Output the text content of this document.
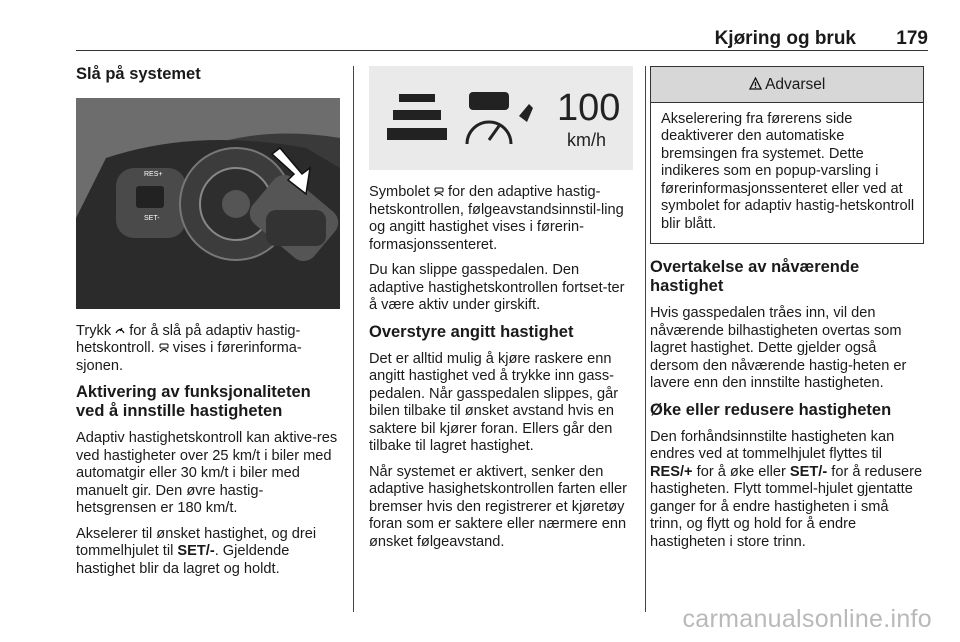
Kjøring og bruk 179
Slå på systemet
RES+
SET-

Trykk  for å slå på adaptiv hastig-hetskontroll.  vises i førerinforma-sjonen.

Aktivering av funksjonaliteten ved å innstille hastigheten

Adaptiv hastighetskontroll kan aktive-res ved hastigheter over 25 km/t i biler med automatgir eller 30 km/t i biler med manuelt gir. Den øvre hastig-hetsgrensen er 180 km/t.

Akselerer til ønsket hastighet, og drei tommelhjulet til SET/-. Gjeldende hastighet blir da lagret og holdt.

100
km/h

Symbolet  for den adaptive hastig-hetskontrollen, følgeavstandsinnstil-ling og angitt hastighet vises i førerin-formasjonssenteret.

Du kan slippe gasspedalen. Den adaptive hastighetskontrollen fortset-ter å være aktiv under girskift.

Overstyre angitt hastighet

Det er alltid mulig å kjøre raskere enn angitt hastighet ved å trykke inn gass-pedalen. Når gasspedalen slippes, går bilen tilbake til ønsket avstand hvis en saktere bil kjører foran. Ellers går den tilbake til lagret hastighet.

Når systemet er aktivert, senker den adaptive hasighetskontrollen farten eller bremser hvis den registrerer et kjøretøy foran som er saktere eller nærmere enn ønsket følgeavstand.

Advarsel
Akselerering fra førerens side deaktiverer den automatiske bremsingen fra systemet. Dette indikeres som en popup-varsling i førerinformasjonssenteret eller ved at symbolet for adaptiv hastig-hetskontroll blir blått.
Overtakelse av nåværende hastighet

Hvis gasspedalen tråes inn, vil den nåværende bilhastigheten overtas som lagret hastighet. Dette gjelder også dersom den nåværende hastig-heten er lavere enn den innstilte hastigheten.

Øke eller redusere hastigheten

Den forhåndsinnstilte hastigheten kan endres ved at tommelhjulet flyttes til RES/+ for å øke eller SET/- for å redusere hastigheten. Flytt tommel-hjulet gjentatte ganger for å endre hastigheten i små trinn, og flytt og hold for å endre hastigheten i store trinn.

carmanualsonline.info
